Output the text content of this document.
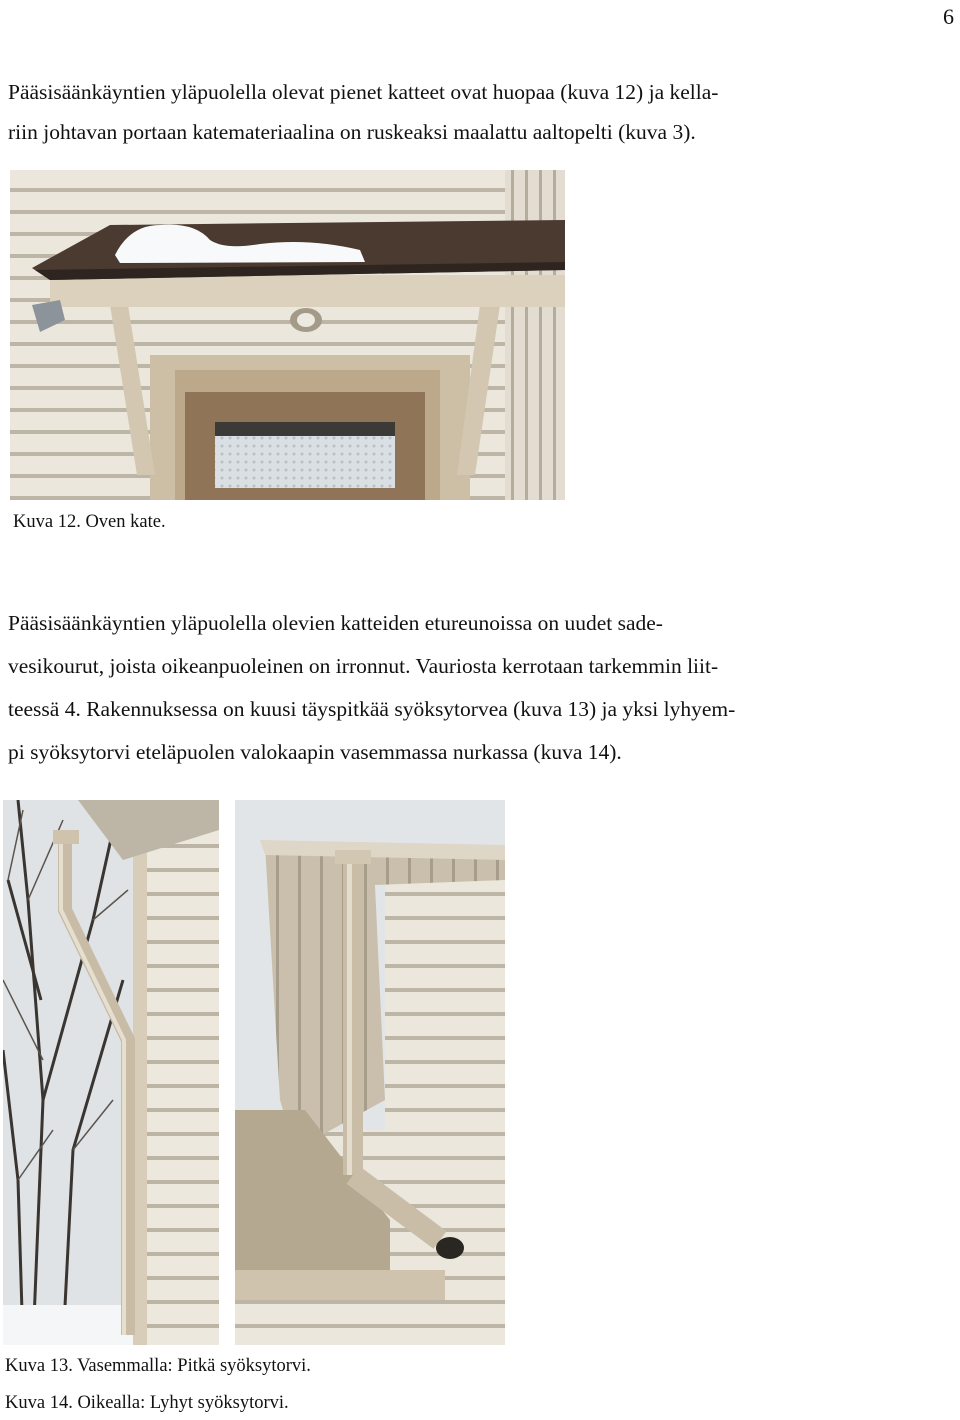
6

Pääsisäänkäyntien yläpuolella olevat pienet katteet ovat huopaa (kuva 12) ja kella-
riin johtavan portaan katemateriaalina on ruskeaksi maalattu aaltopelti (kuva 3).

Kuva 12. Oven kate.

Pääsisäänkäyntien yläpuolella olevien katteiden etureunoissa on uudet sade-
vesikourut, joista oikeanpuoleinen on irronnut. Vauriosta kerrotaan tarkemmin liit-
teessä 4. Rakennuksessa on kuusi täyspitkää syöksytorvea (kuva 13) ja yksi lyhyem-
pi syöksytorvi eteläpuolen valokaapin vasemmassa nurkassa (kuva 14).

Kuva 13. Vasemmalla: Pitkä syöksytorvi.
Kuva 14. Oikealla: Lyhyt syöksytorvi.
